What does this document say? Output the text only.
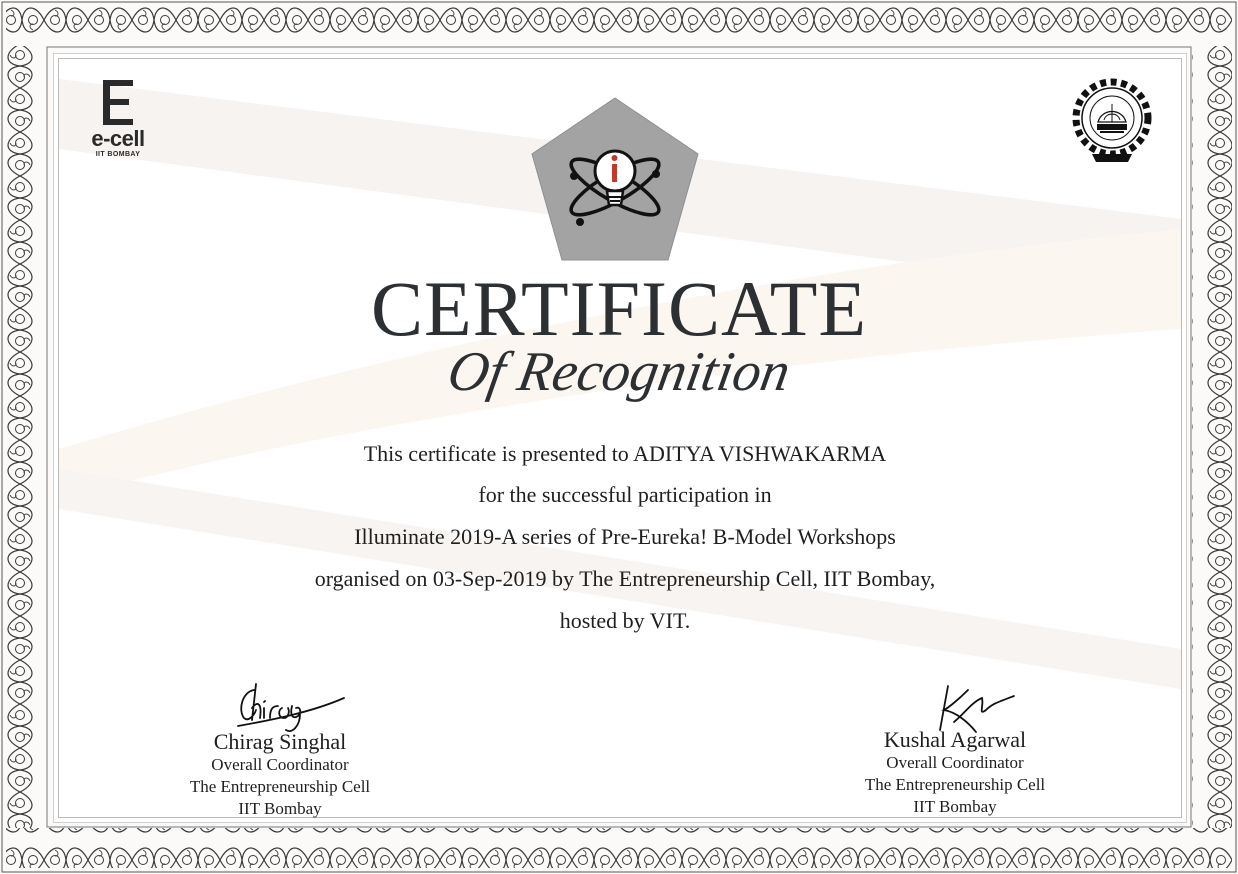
e-cell
IIT BOMBAY
CERTIFICATE
Of Recognition
This certificate is presented to ADITYA VISHWAKARMA
for the successful participation in
Illuminate 2019-A series of Pre-Eureka! B-Model Workshops
organised on 03-Sep-2019 by The Entrepreneurship Cell, IIT Bombay,
hosted by VIT.
Chirag Singhal
Overall Coordinator
The Entrepreneurship Cell
IIT Bombay
Kushal Agarwal
Overall Coordinator
The Entrepreneurship Cell
IIT Bombay
